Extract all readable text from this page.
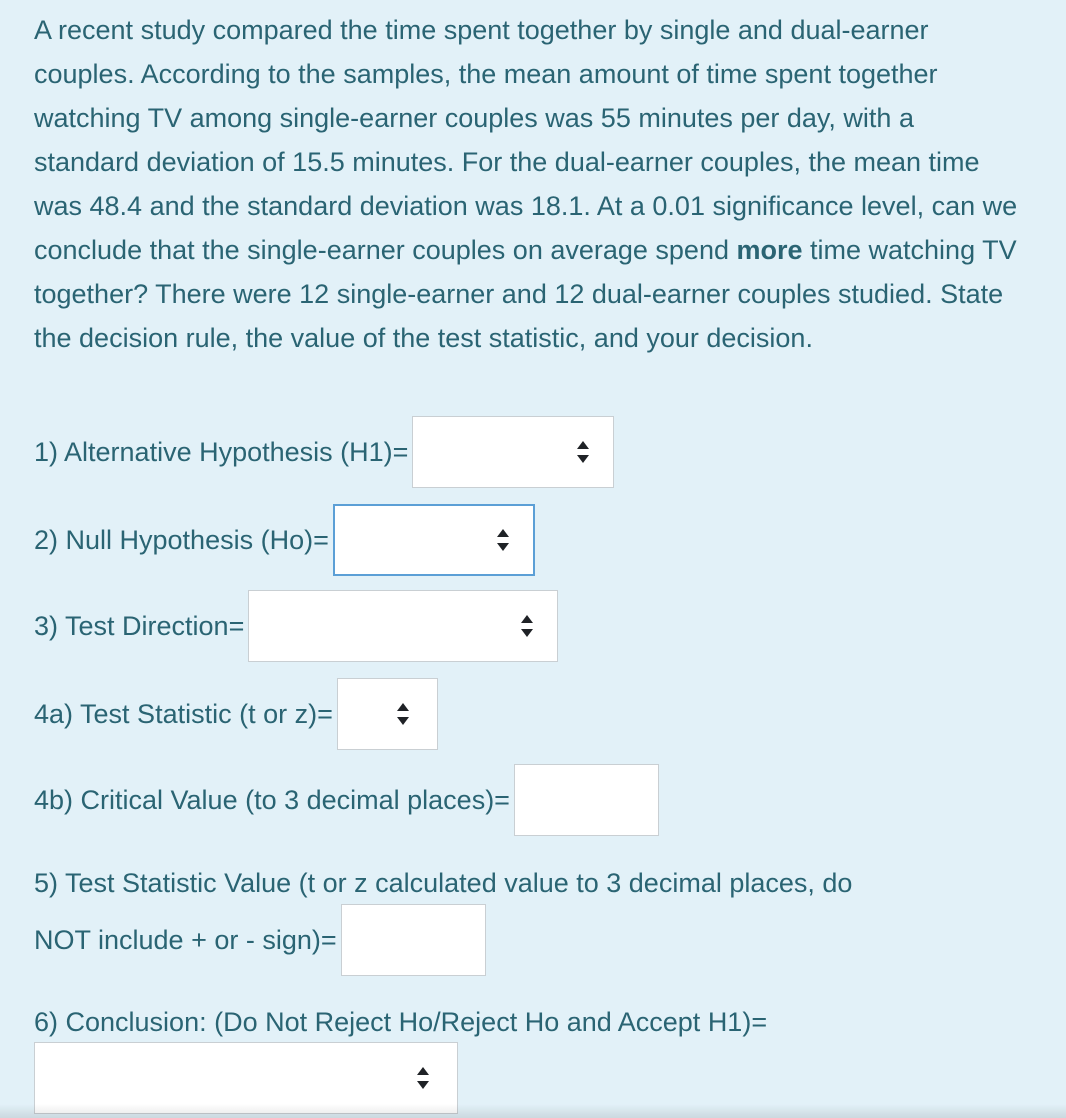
A recent study compared the time spent together by single and dual-earner couples. According to the samples, the mean amount of time spent together watching TV among single-earner couples was 55 minutes per day, with a standard deviation of 15.5 minutes. For the dual-earner couples, the mean time was 48.4 and the standard deviation was 18.1. At a 0.01 significance level, can we conclude that the single-earner couples on average spend more time watching TV together? There were 12 single-earner and 12 dual-earner couples studied. State the decision rule, the value of the test statistic, and your decision.

1) Alternative Hypothesis (H1)=
2) Null Hypothesis (Ho)=
3) Test Direction=
4a) Test Statistic (t or z)=
4b) Critical Value (to 3 decimal places)=
5) Test Statistic Value (t or z calculated value to 3 decimal places, do
NOT include + or - sign)=
6) Conclusion: (Do Not Reject Ho/Reject Ho and Accept H1)=
